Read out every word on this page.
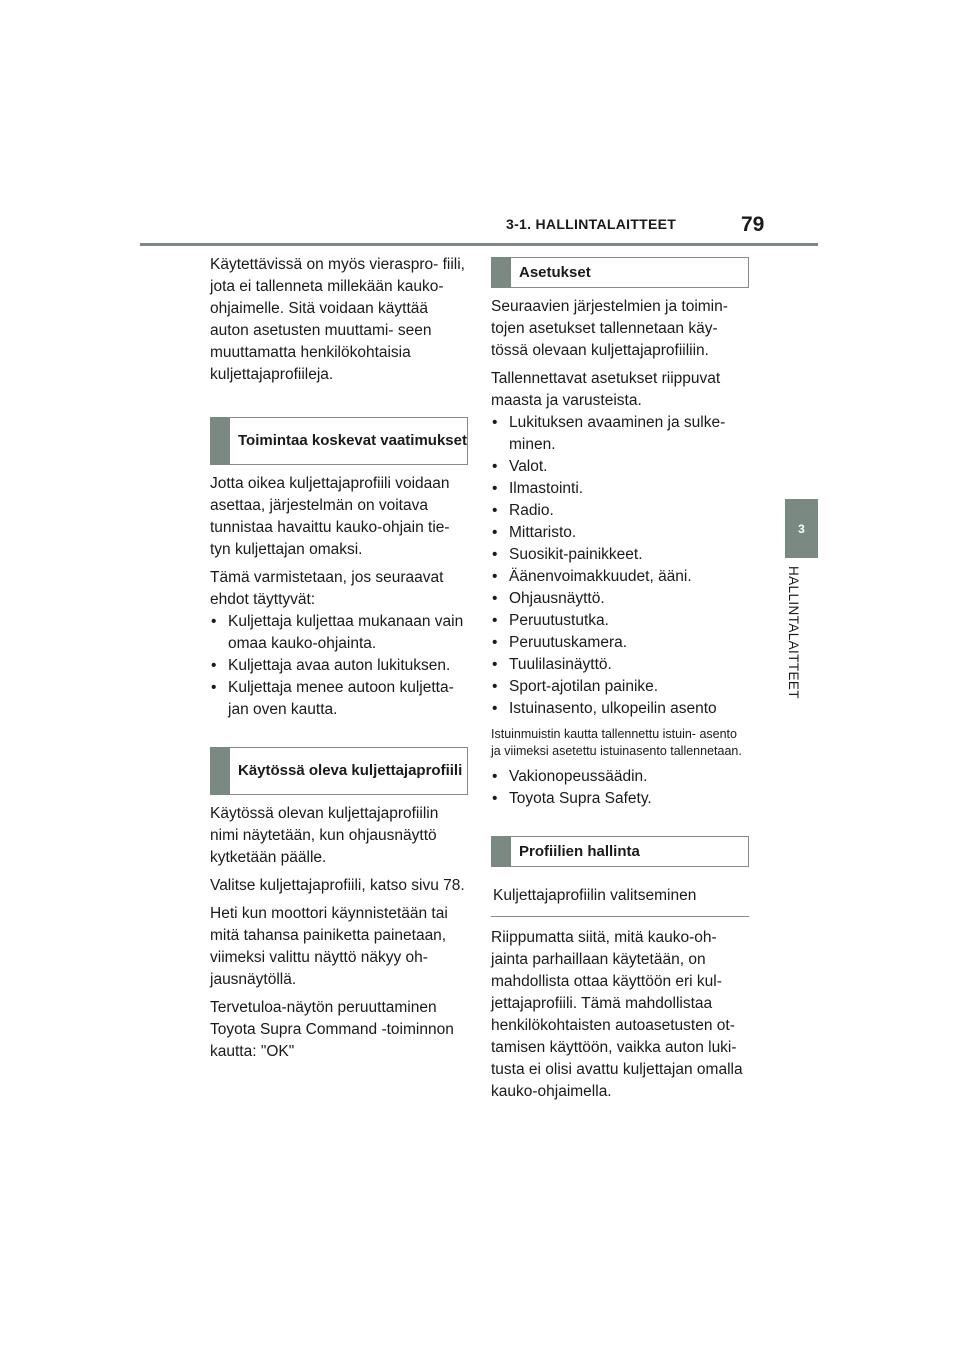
3-1. HALLINTALAITTEET	79
3
HALLINTALAITTEET

Käytettävissä on myös vieraspro- fiili, jota ei tallenneta millekään kauko-ohjaimelle. Sitä voidaan käyttää auton asetusten muuttami- seen muuttamatta henkilökohtaisia kuljettajaprofiileja.

Toimintaa koskevat vaatimukset

Jotta oikea kuljettajaprofiili voidaan asettaa, järjestelmän on voitava tunnistaa havaittu kauko-ohjain tie- tyn kuljettajan omaksi.

Tämä varmistetaan, jos seuraavat ehdot täyttyvät:

• Kuljettaja kuljettaa mukanaan vain omaa kauko-ohjainta.
• Kuljettaja avaa auton lukituksen.
• Kuljettaja menee autoon kuljetta- jan oven kautta.
Käytössä oleva kuljettajaprofiili

Käytössä olevan kuljettajaprofiilin nimi näytetään, kun ohjausnäyttö kytketään päälle.

Valitse kuljettajaprofiili, katso sivu 78.

Heti kun moottori käynnistetään tai mitä tahansa painiketta painetaan, viimeksi valittu näyttö näkyy oh- jausnäytöllä.

Tervetuloa-näytön peruuttaminen Toyota Supra Command -toiminnon kautta: "OK"

Asetukset

Seuraavien järjestelmien ja toimin- tojen asetukset tallennetaan käy- tössä olevaan kuljettajaprofiiliin.

Tallennettavat asetukset riippuvat maasta ja varusteista.

• Lukituksen avaaminen ja sulke- minen.
• Valot.
• Ilmastointi.
• Radio.
• Mittaristo.
• Suosikit-painikkeet.
• Äänenvoimakkuudet, ääni.
• Ohjausnäyttö.
• Peruutustutka.
• Peruutuskamera.
• Tuulilasinäyttö.
• Sport-ajotilan painike.
• Istuinasento, ulkopeilin asento

Istuinmuistin kautta tallennettu istuin- asento ja viimeksi asetettu istuinasento tallennetaan.

• Vakionopeussäädin.
• Toyota Supra Safety.
Profiilien hallinta
Kuljettajaprofiilin valitseminen

Riippumatta siitä, mitä kauko-oh- jainta parhaillaan käytetään, on mahdollista ottaa käyttöön eri kul- jettajaprofiili. Tämä mahdollistaa henkilökohtaisten autoasetusten ot- tamisen käyttöön, vaikka auton luki- tusta ei olisi avattu kuljettajan omalla kauko-ohjaimella.
